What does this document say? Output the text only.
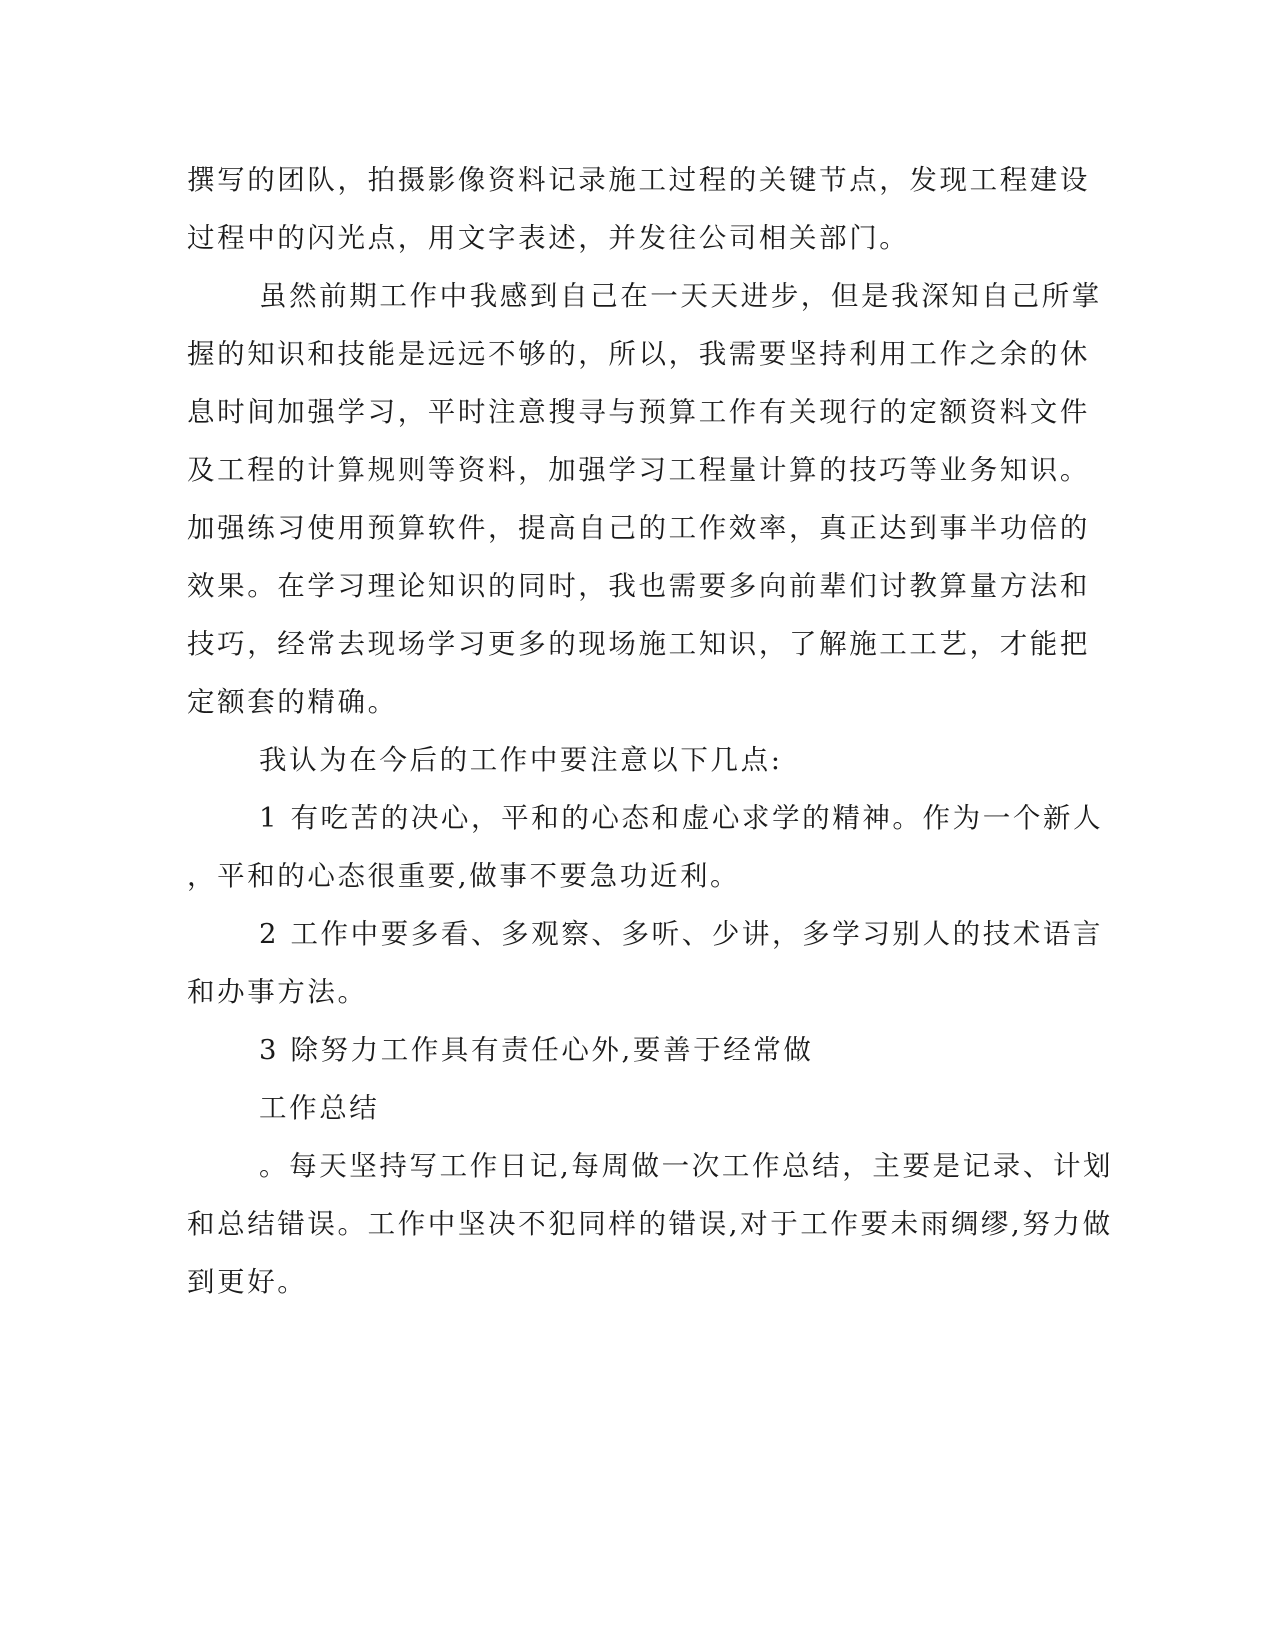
撰写的团队，拍摄影像资料记录施工过程的关键节点，发现工程建设
过程中的闪光点，用文字表述，并发往公司相关部门。
虽然前期工作中我感到自己在一天天进步，但是我深知自己所掌
握的知识和技能是远远不够的，所以，我需要坚持利用工作之余的休
息时间加强学习，平时注意搜寻与预算工作有关现行的定额资料文件
及工程的计算规则等资料，加强学习工程量计算的技巧等业务知识。
加强练习使用预算软件，提高自己的工作效率，真正达到事半功倍的
效果。在学习理论知识的同时，我也需要多向前辈们讨教算量方法和
技巧，经常去现场学习更多的现场施工知识，了解施工工艺，才能把
定额套的精确。
我认为在今后的工作中要注意以下几点:
1 有吃苦的决心，平和的心态和虚心求学的精神。作为一个新人
，平和的心态很重要,做事不要急功近利。
2 工作中要多看、多观察、多听、少讲，多学习别人的技术语言
和办事方法。
3 除努力工作具有责任心外,要善于经常做
工作总结
。每天坚持写工作日记,每周做一次工作总结，主要是记录、计划
和总结错误。工作中坚决不犯同样的错误,对于工作要未雨绸缪,努力做
到更好。
